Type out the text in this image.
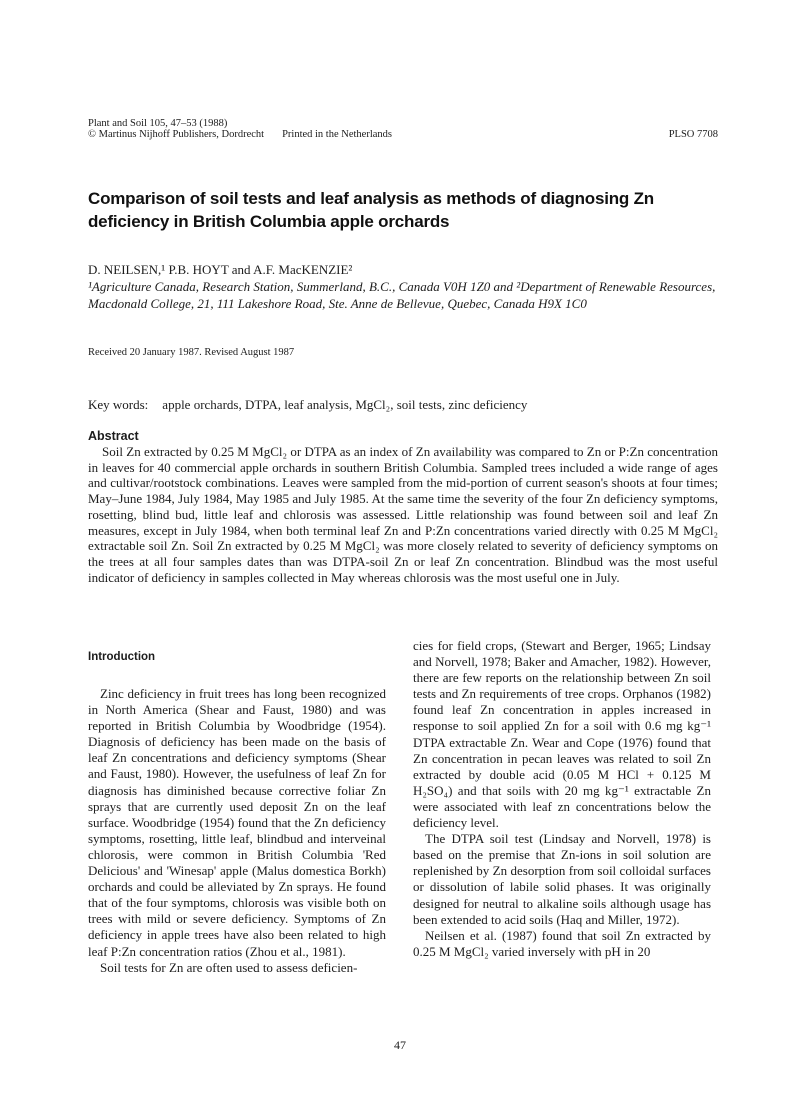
Plant and Soil 105, 47–53 (1988)
© Martinus Nijhoff Publishers, Dordrecht Printed in the Netherlands	PLSO 7708
Comparison of soil tests and leaf analysis as methods of diagnosing Zn deficiency in British Columbia apple orchards
D. NEILSEN,¹ P.B. HOYT and A.F. MacKENZIE²
¹Agriculture Canada, Research Station, Summerland, B.C., Canada V0H 1Z0 and ²Department of Renewable Resources, Macdonald College, 21, 111 Lakeshore Road, Ste. Anne de Bellevue, Quebec, Canada H9X 1C0
Received 20 January 1987. Revised August 1987
Key words: apple orchards, DTPA, leaf analysis, MgCl₂, soil tests, zinc deficiency
Abstract

Soil Zn extracted by 0.25 M MgCl₂ or DTPA as an index of Zn availability was compared to Zn or P:Zn concentration in leaves for 40 commercial apple orchards in southern British Columbia. Sampled trees included a wide range of ages and cultivar/rootstock combinations. Leaves were sampled from the mid-portion of current season's shoots at four times; May–June 1984, July 1984, May 1985 and July 1985. At the same time the severity of the four Zn deficiency symptoms, rosetting, blind bud, little leaf and chlorosis was assessed. Little relationship was found between soil and leaf Zn measures, except in July 1984, when both terminal leaf Zn and P:Zn concentrations varied directly with 0.25 M MgCl₂ extractable soil Zn. Soil Zn extracted by 0.25 M MgCl₂ was more closely related to severity of deficiency symptoms on the trees at all four samples dates than was DTPA-soil Zn or leaf Zn concentration. Blindbud was the most useful indicator of deficiency in samples collected in May whereas chlorosis was the most useful one in July.

Introduction

Zinc deficiency in fruit trees has long been recognized in North America (Shear and Faust, 1980) and was reported in British Columbia by Woodbridge (1954). Diagnosis of deficiency has been made on the basis of leaf Zn concentrations and deficiency symptoms (Shear and Faust, 1980). However, the usefulness of leaf Zn for diagnosis has diminished because corrective foliar Zn sprays that are currently used deposit Zn on the leaf surface. Woodbridge (1954) found that the Zn deficiency symptoms, rosetting, little leaf, blindbud and interveinal chlorosis, were common in British Columbia 'Red Delicious' and 'Winesap' apple (Malus domestica Borkh) orchards and could be alleviated by Zn sprays. He found that of the four symptoms, chlorosis was visible both on trees with mild or severe deficiency. Symptoms of Zn deficiency in apple trees have also been related to high leaf P:Zn concentration ratios (Zhou et al., 1981).

Soil tests for Zn are often used to assess deficien-

cies for field crops, (Stewart and Berger, 1965; Lindsay and Norvell, 1978; Baker and Amacher, 1982). However, there are few reports on the relationship between Zn soil tests and Zn requirements of tree crops. Orphanos (1982) found leaf Zn concentration in apples increased in response to soil applied Zn for a soil with 0.6 mg kg⁻¹ DTPA extractable Zn. Wear and Cope (1976) found that Zn concentration in pecan leaves was related to soil Zn extracted by double acid (0.05 M HCl + 0.125 M H₂SO₄) and that soils with 20 mg kg⁻¹ extractable Zn were associated with leaf zn concentrations below the deficiency level.

The DTPA soil test (Lindsay and Norvell, 1978) is based on the premise that Zn-ions in soil solution are replenished by Zn desorption from soil colloidal surfaces or dissolution of labile solid phases. It was originally designed for neutral to alkaline soils although usage has been extended to acid soils (Haq and Miller, 1972).

Neilsen et al. (1987) found that soil Zn extracted by 0.25 M MgCl₂ varied inversely with pH in 20

47
